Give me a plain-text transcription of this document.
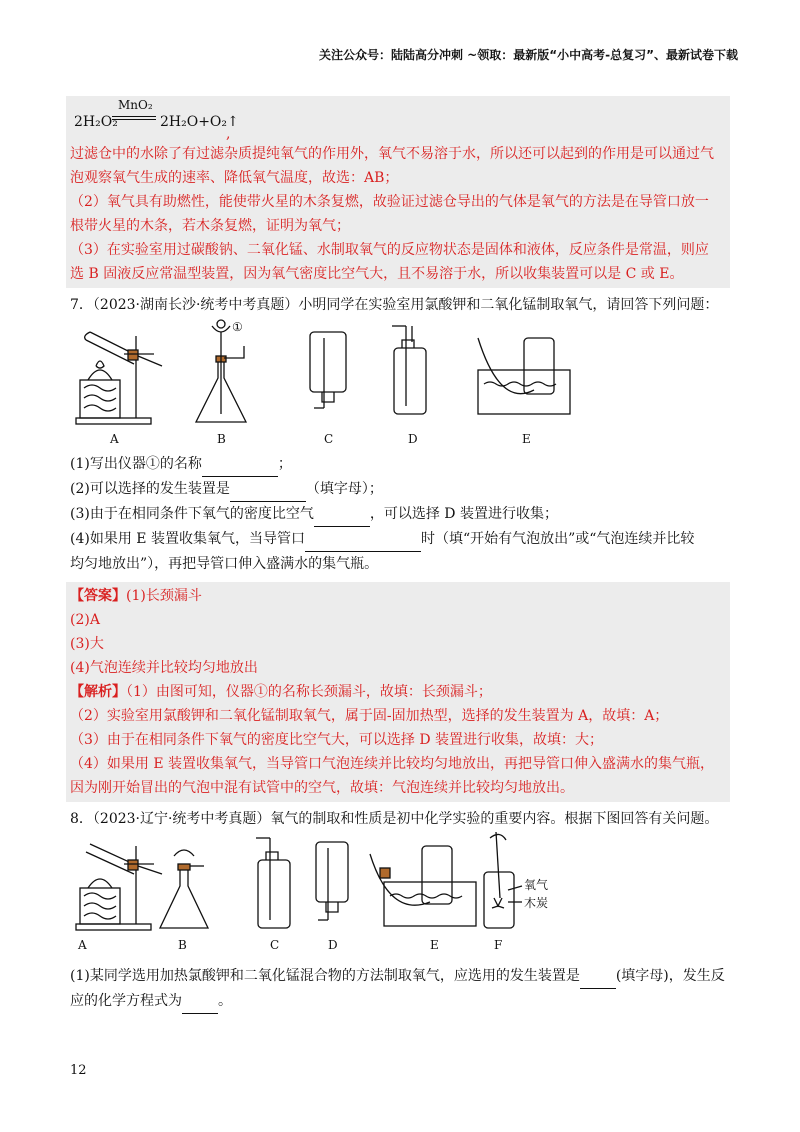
关注公众号：陆陆高分冲刺 ~领取：最新版“小中高考-总复习”、最新试卷下载
2H₂O₂
MnO₂
2H₂O+O₂↑
,
过滤仓中的水除了有过滤杂质提纯氧气的作用外，氧气不易溶于水，所以还可以起到的作用是可以通过气
泡观察氧气生成的速率、降低氧气温度，故选：AB；
（2）氧气具有助燃性，能使带火星的木条复燃，故验证过滤仓导出的气体是氧气的方法是在导管口放一
根带火星的木条，若木条复燃，证明为氧气；
（3）在实验室用过碳酸钠、二氧化锰、水制取氧气的反应物状态是固体和液体，反应条件是常温，则应
选 B 固液反应常温型装置，因为氧气密度比空气大，且不易溶于水，所以收集装置可以是 C 或 E。
7．（2023·湖南长沙·统考中考真题）小明同学在实验室用氯酸钾和二氧化锰制取氧气，请回答下列问题：
A	B	C	D	E
①
(1)写出仪器①的名称	；
(2)可以选择的发生装置是	（填字母）；
(3)由于在相同条件下氧气的密度比空气	，可以选择 D 装置进行收集；
(4)如果用 E 装置收集氧气，当导管口	时（填“开始有气泡放出”或“气泡连续并比较
均匀地放出”），再把导管口伸入盛满水的集气瓶。
【答案】(1)长颈漏斗
(2)A
(3)大
(4)气泡连续并比较均匀地放出
【解析】（1）由图可知，仪器①的名称长颈漏斗，故填：长颈漏斗；
（2）实验室用氯酸钾和二氧化锰制取氧气，属于固-固加热型，选择的发生装置为 A，故填：A；
（3）由于在相同条件下氧气的密度比空气大，可以选择 D 装置进行收集，故填：大；
（4）如果用 E 装置收集氧气，当导管口气泡连续并比较均匀地放出，再把导管口伸入盛满水的集气瓶，
因为刚开始冒出的气泡中混有试管中的空气，故填：气泡连续并比较均匀地放出。
8．（2023·辽宁·统考中考真题）氧气的制取和性质是初中化学实验的重要内容。根据下图回答有关问题。
A	B	C	D	E	F
氧气
木炭
(1)某同学选用加热氯酸钾和二氧化锰混合物的方法制取氧气，应选用的发生装置是	(填字母)，发生反
应的化学方程式为	。
12
